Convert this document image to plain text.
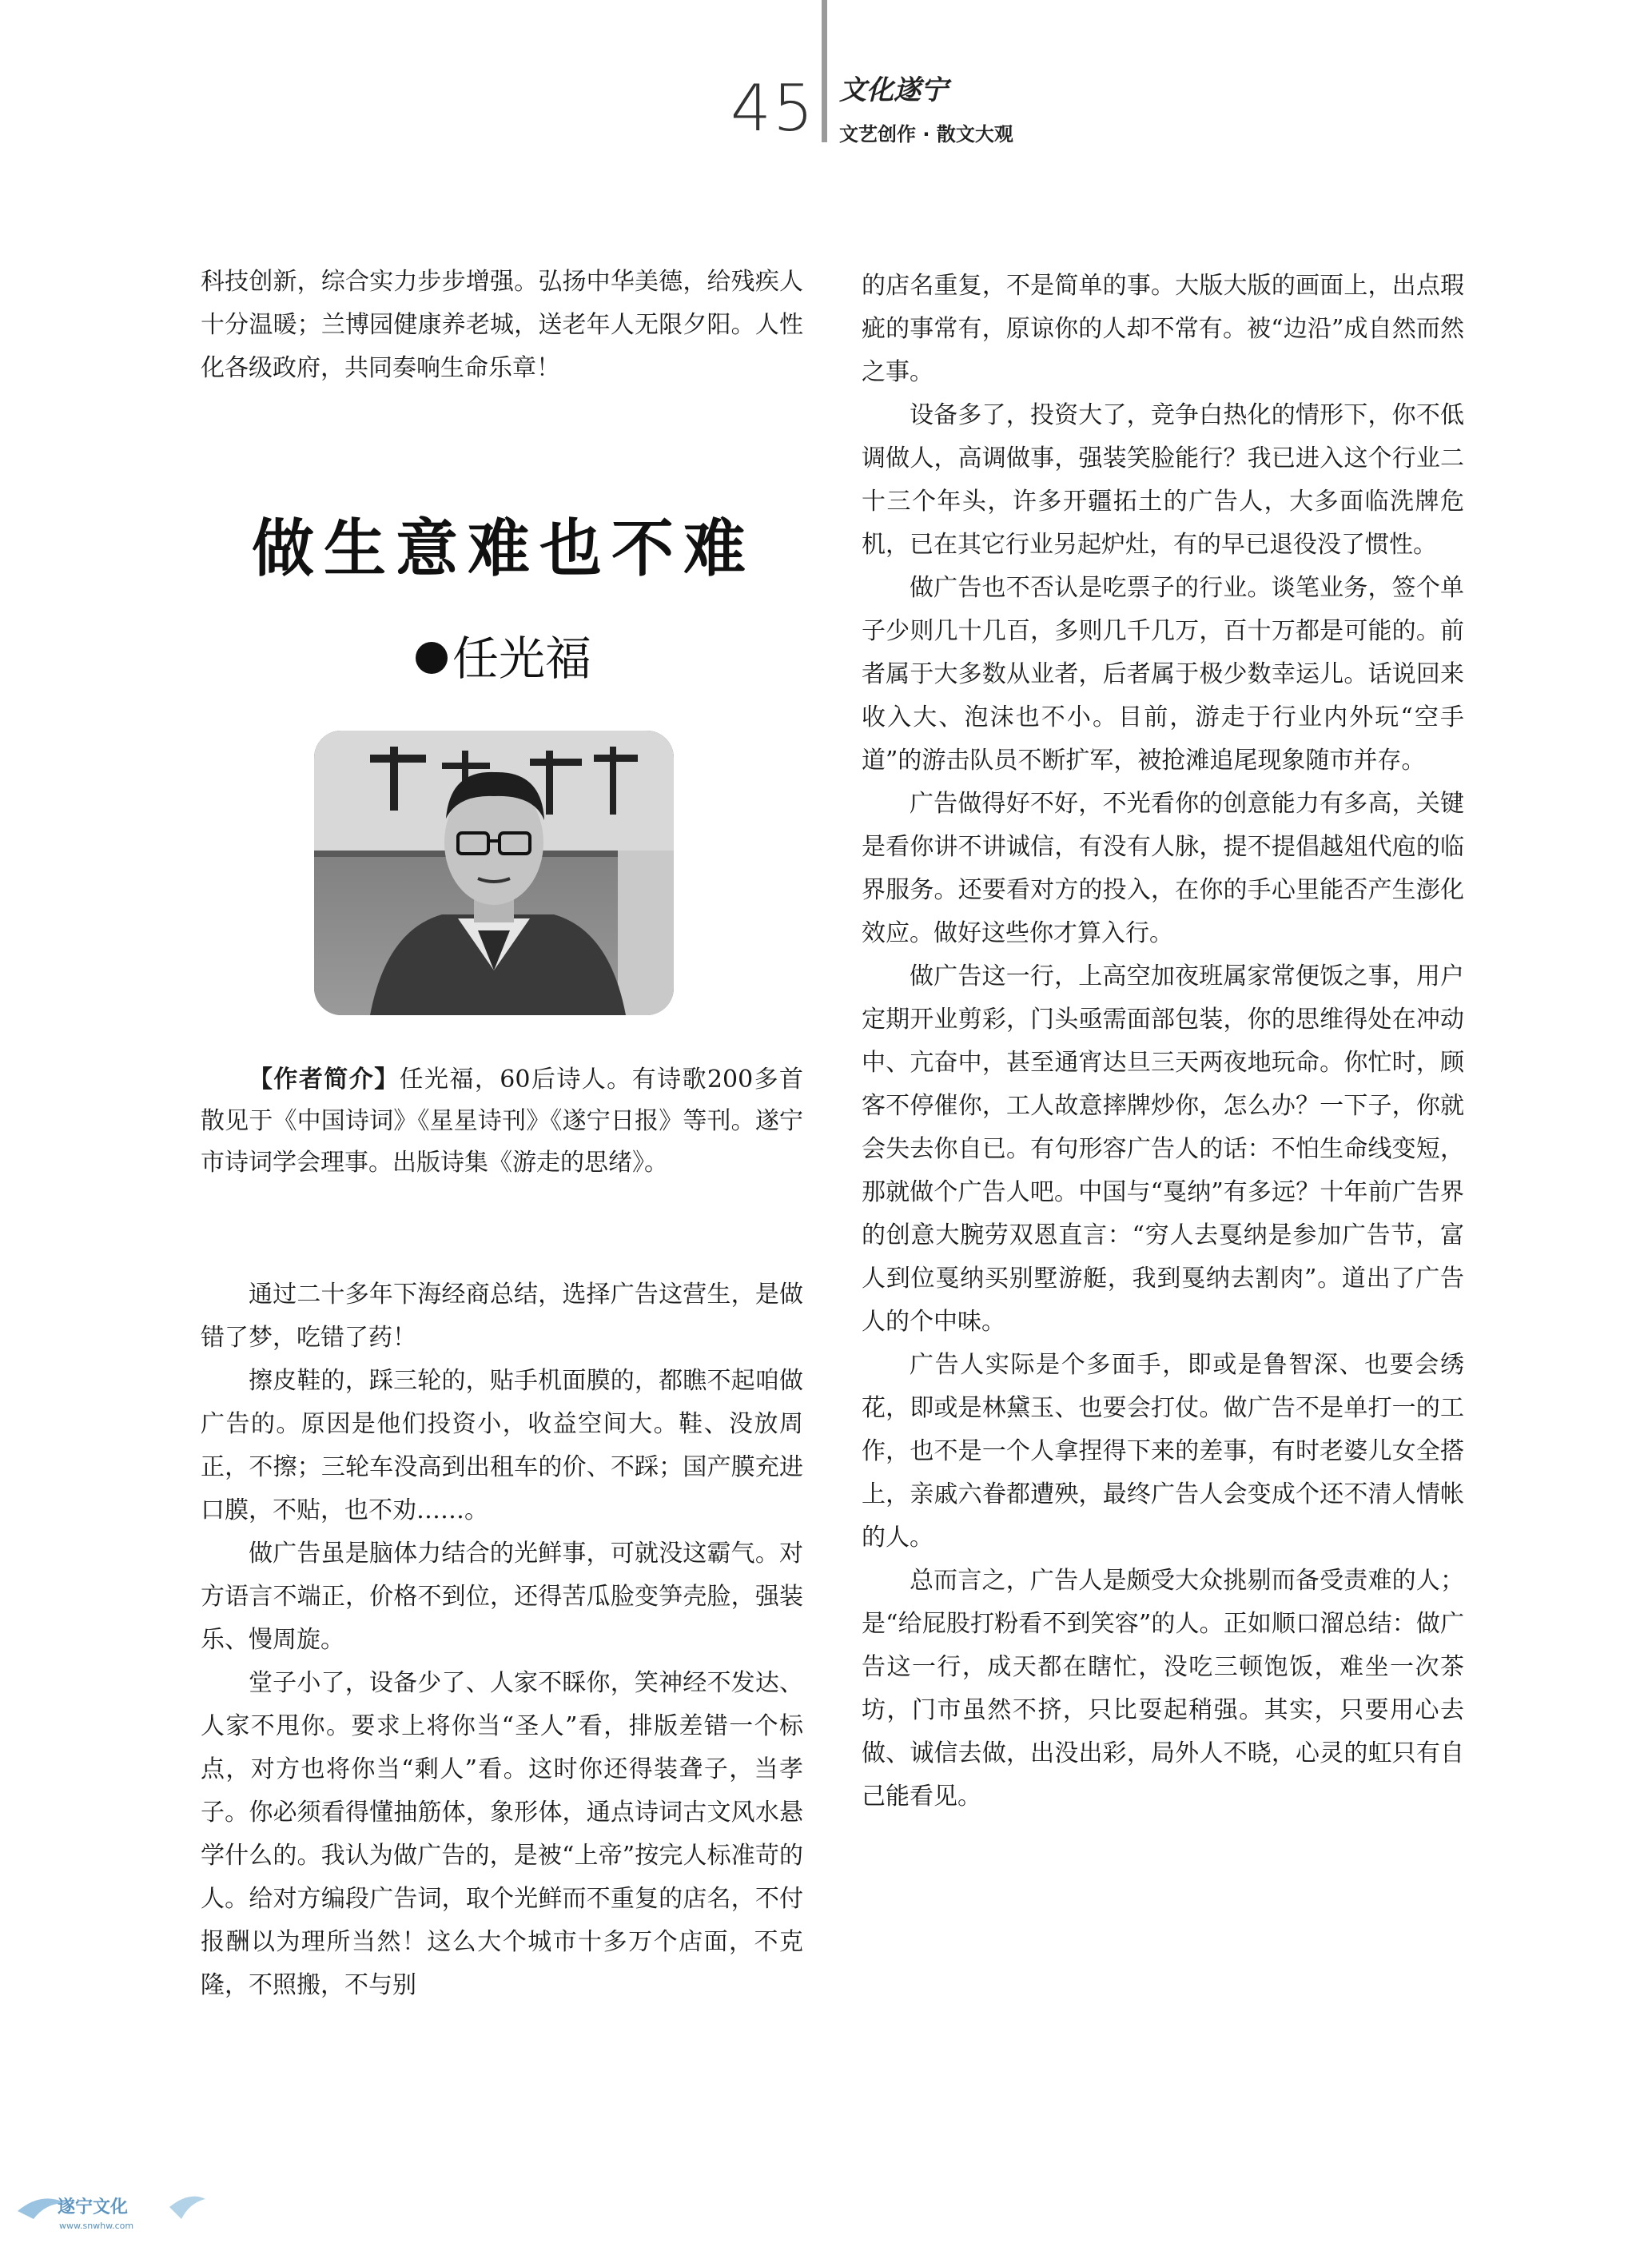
45 文化遂宁
文艺创作 · 散文大观

科技创新，综合实力步步增强。弘扬中华美德，给残疾人十分温暖；兰博园健康养老城，送老年人无限夕阳。人性化各级政府，共同奏响生命乐章！

做生意难也不难
任光福

【作者简介】任光福，60后诗人。有诗歌200多首散见于《中国诗词》《星星诗刊》《遂宁日报》等刊。遂宁市诗词学会理事。出版诗集《游走的思绪》。

通过二十多年下海经商总结，选择广告这营生，是做错了梦，吃错了药！

擦皮鞋的，踩三轮的，贴手机面膜的，都瞧不起咱做广告的。原因是他们投资小，收益空间大。鞋、没放周正，不擦；三轮车没高到出租车的价、不踩；国产膜充进口膜，不贴，也不劝……。

做广告虽是脑体力结合的光鲜事，可就没这霸气。对方语言不端正，价格不到位，还得苦瓜脸变笋壳脸，强装乐、慢周旋。

堂子小了，设备少了、人家不睬你，笑神经不发达、人家不甩你。要求上将你当“圣人”看，排版差错一个标点，对方也将你当“剩人”看。这时你还得装聋子，当孝子。你必须看得懂抽筋体，象形体，通点诗词古文风水悬学什么的。我认为做广告的，是被“上帝”按完人标准苛的人。给对方编段广告词，取个光鲜而不重复的店名，不付报酬以为理所当然！这么大个城市十多万个店面，不克隆，不照搬，不与别

的店名重复，不是简单的事。大版大版的画面上，出点瑕疵的事常有，原谅你的人却不常有。被“边沿”成自然而然之事。

设备多了，投资大了，竞争白热化的情形下，你不低调做人，高调做事，强装笑脸能行？我已进入这个行业二十三个年头，许多开疆拓土的广告人，大多面临洗牌危机，已在其它行业另起炉灶，有的早已退役没了惯性。

做广告也不否认是吃票子的行业。谈笔业务，签个单子少则几十几百，多则几千几万，百十万都是可能的。前者属于大多数从业者，后者属于极少数幸运儿。话说回来收入大、泡沫也不小。目前，游走于行业内外玩“空手道”的游击队员不断扩军，被抢滩追尾现象随市并存。

广告做得好不好，不光看你的创意能力有多高，关键是看你讲不讲诚信，有没有人脉，提不提倡越俎代庖的临界服务。还要看对方的投入，在你的手心里能否产生澎化效应。做好这些你才算入行。

做广告这一行，上高空加夜班属家常便饭之事，用户定期开业剪彩，门头亟需面部包装，你的思维得处在冲动中、亢奋中，甚至通宵达旦三天两夜地玩命。你忙时，顾客不停催你，工人故意摔牌炒你，怎么办？一下子，你就会失去你自已。有句形容广告人的话：不怕生命线变短，那就做个广告人吧。中国与“戛纳”有多远？十年前广告界的创意大腕劳双恩直言：“穷人去戛纳是参加广告节，富人到位戛纳买别墅游艇，我到戛纳去割肉”。道出了广告人的个中味。

广告人实际是个多面手，即或是鲁智深、也要会绣花，即或是林黛玉、也要会打仗。做广告不是单打一的工作，也不是一个人拿捏得下来的差事，有时老婆儿女全搭上，亲戚六眷都遭殃，最终广告人会变成个还不清人情帐的人。

总而言之，广告人是颇受大众挑剔而备受责难的人；是“给屁股打粉看不到笑容”的人。正如顺口溜总结：做广告这一行，成天都在瞎忙，没吃三顿饱饭，难坐一次茶坊，门市虽然不挤，只比耍起稍强。其实，只要用心去做、诚信去做，出没出彩，局外人不晓，心灵的虹只有自己能看见。

遂宁文化
www.snwhw.com
